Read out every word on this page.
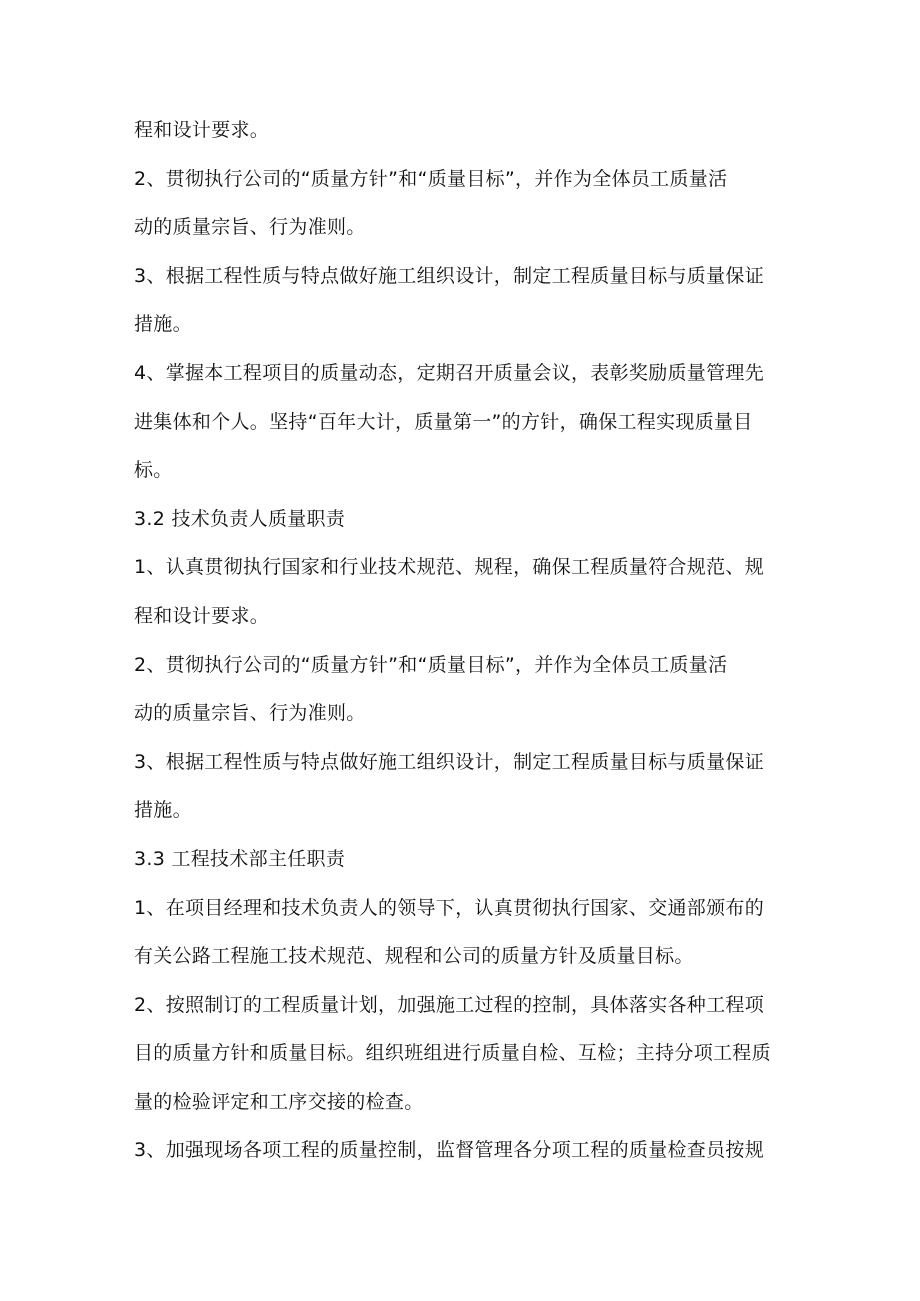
程和设计要求。
2、贯彻执行公司的“质量方针”和“质量目标”，并作为全体员工质量活
动的质量宗旨、行为准则。
3、根据工程性质与特点做好施工组织设计，制定工程质量目标与质量保证
措施。
4、掌握本工程项目的质量动态，定期召开质量会议，表彰奖励质量管理先
进集体和个人。坚持“百年大计，质量第一”的方针，确保工程实现质量目
标。
3.2 技术负责人质量职责
1、认真贯彻执行国家和行业技术规范、规程，确保工程质量符合规范、规
程和设计要求。
2、贯彻执行公司的“质量方针”和“质量目标”，并作为全体员工质量活
动的质量宗旨、行为准则。
3、根据工程性质与特点做好施工组织设计，制定工程质量目标与质量保证
措施。
3.3 工程技术部主任职责
1、在项目经理和技术负责人的领导下，认真贯彻执行国家、交通部颁布的
有关公路工程施工技术规范、规程和公司的质量方针及质量目标。
2、按照制订的工程质量计划，加强施工过程的控制，具体落实各种工程项
目的质量方针和质量目标。组织班组进行质量自检、互检；主持分项工程质
量的检验评定和工序交接的检查。
3、加强现场各项工程的质量控制，监督管理各分项工程的质量检查员按规
